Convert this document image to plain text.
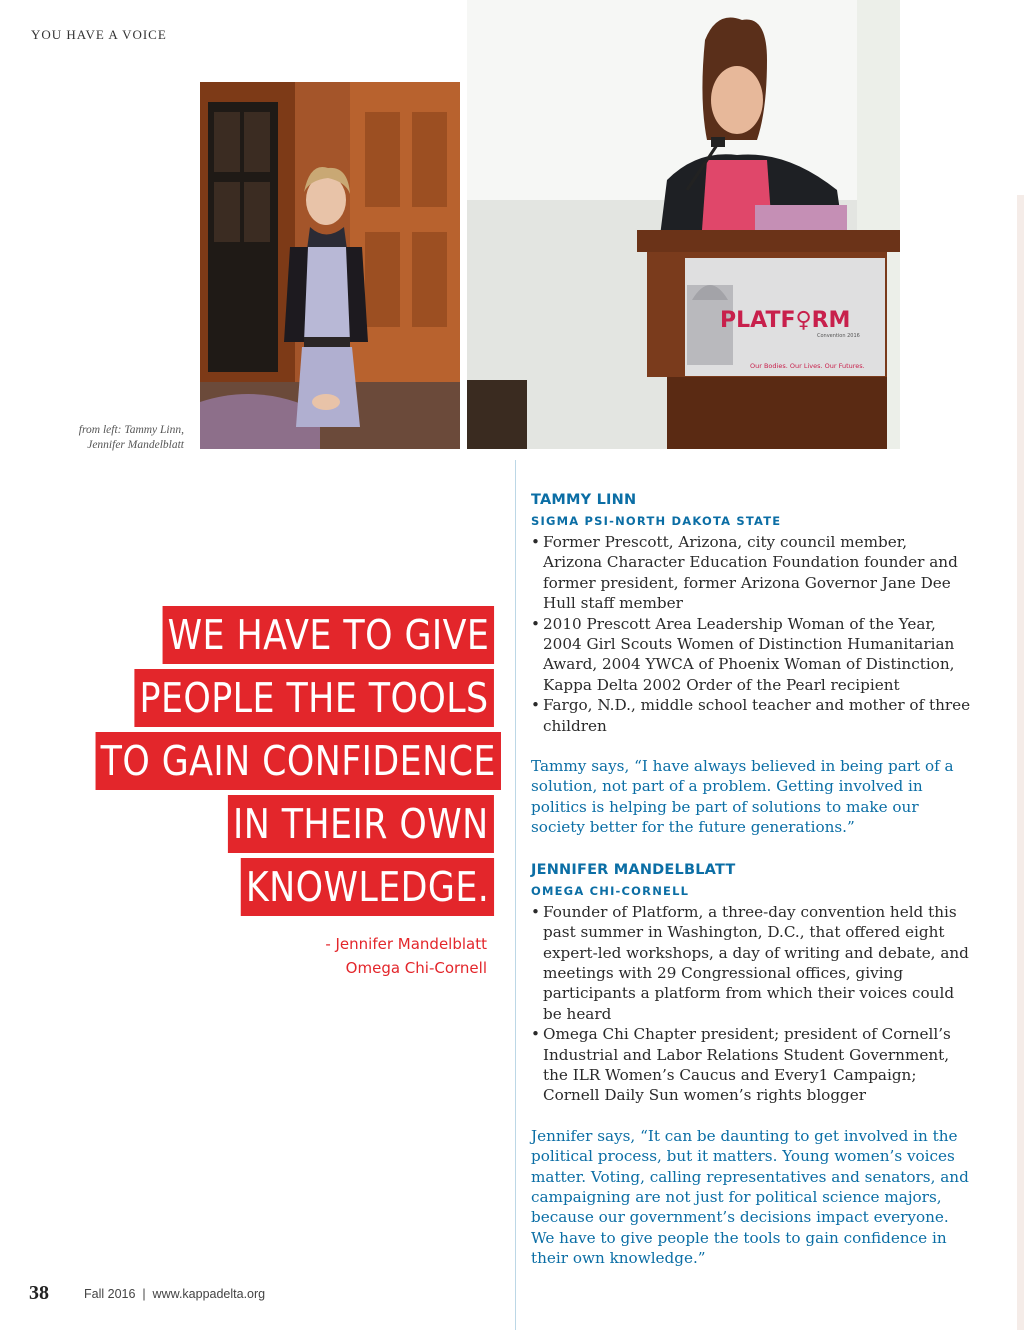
YOU HAVE A VOICE
PLATF♀RM
Convention 2016
Our Bodies. Our Lives. Our Futures.
from left: Tammy Linn,
Jennifer Mandelblatt
WE HAVE TO GIVE
PEOPLE THE TOOLS
TO GAIN CONFIDENCE
IN THEIR OWN
KNOWLEDGE.
- Jennifer Mandelblatt
Omega Chi-Cornell

TAMMY LINN

SIGMA PSI-NORTH DAKOTA STATE

• Former Prescott, Arizona, city council member, Arizona Character Education Foundation founder and former president, former Arizona Governor Jane Dee Hull staff member
• 2010 Prescott Area Leadership Woman of the Year, 2004 Girl Scouts Women of Distinction Humanitarian Award, 2004 YWCA of Phoenix Woman of Distinction, Kappa Delta 2002 Order of the Pearl recipient
• Fargo, N.D., middle school teacher and mother of three children

Tammy says, “I have always believed in being part of a solution, not part of a problem. Getting involved in politics is helping be part of solutions to make our society better for the future generations.”

JENNIFER MANDELBLATT

OMEGA CHI-CORNELL

• Founder of Platform, a three-day convention held this past summer in Washington, D.C., that offered eight expert-led workshops, a day of writing and debate, and meetings with 29 Congressional offices, giving participants a platform from which their voices could be heard
• Omega Chi Chapter president; president of Cornell’s Industrial and Labor Relations Student Government, the ILR Women’s Caucus and Every1 Campaign; Cornell Daily Sun women’s rights blogger

Jennifer says, “It can be daunting to get involved in the political process, but it matters. Young women’s voices matter. Voting, calling representatives and senators, and campaigning are not just for political science majors, because our government’s decisions impact everyone. We have to give people the tools to gain confidence in their own knowledge.”

38	Fall 2016  |  www.kappadelta.org
